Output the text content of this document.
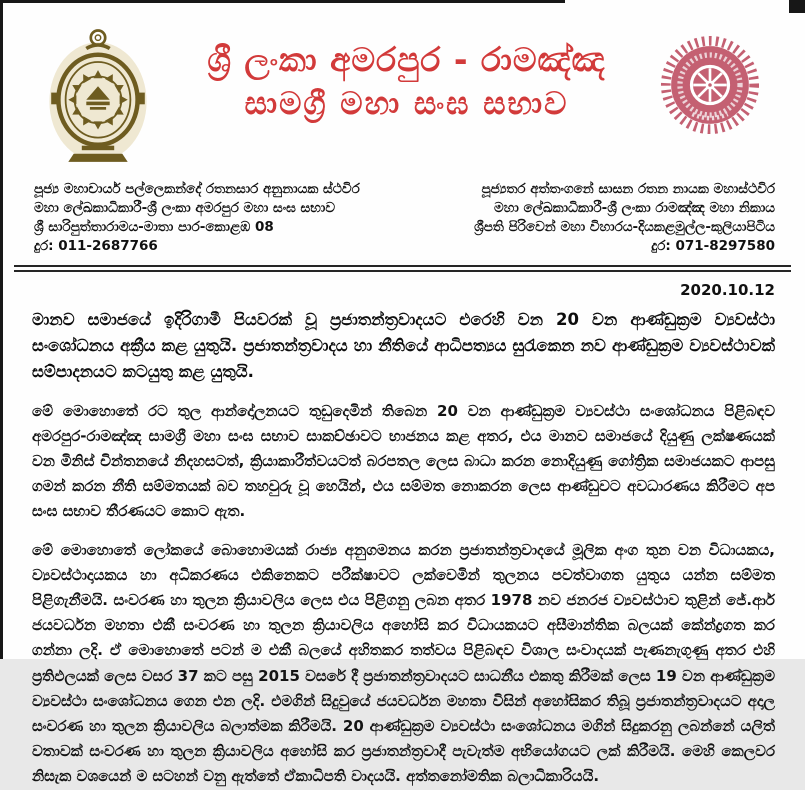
ශ්‍රී ලංකා අමරපුර - රාමඤ්ඤ
සාමග්‍රී මහා සංඝ සභාව
පූජ්‍ය මහාචාර්ය පල්ලෙකන්දේ රතනසාර අනුනායක ස්ථවිර
මහා ලේඛකාධිකාරී-ශ්‍රී ලංකා අමරපුර මහා සංඝ සභාව
ශ්‍රී සාරිපුත්තාරාමය-මාතා පාර-කොළඹ 08
දුර: 011-2687766
පූජ්‍යතර අත්තංගනේ සාසන රතන නායක මහාස්ථවිර
මහා ලේඛකාධිකාරී-ශ්‍රී ලංකා රාමඤ්ඤ මහා නිකාය
ශ්‍රීපති පිරිවෙන් මහා විහාරය-දියකළමුල්ල-කුලියාපිටිය
දුර: 071-8297580
2020.10.12
මානව සමාජයේ ඉදිරිගාමී පියවරක් වූ ප්‍රජාතන්ත්‍රවාදයට එරෙහි වන 20 වන ආණ්ඩුක්‍රම ව්‍යවස්ථා සංශෝධනය අක්‍රීය කළ යුතුයි. ප්‍රජාතන්ත්‍රවාදය හා නීතියේ ආධිපත්‍යය සුරැකෙන නව ආණ්ඩුක්‍රම ව්‍යවස්ථාවක් සම්පාදනයට කටයුතු කළ යුතුයි.
මේ මොහොතේ රට තුල ආන්දෝලනයට තුඩුදෙමින් තිබෙන 20 වන ආණ්ඩුක්‍රම ව්‍යවස්ථා සංශෝධනය පිළිබඳව අමරපුර-රාමඤ්ඤ සාමග්‍රී මහා සංඝ සභාව සාකච්ඡාවට භාජනය කළ අතර, එය මානව සමාජයේ දියුණු ලක්ෂණයක් වන මිනිස් චින්තනයේ නිදහසටත්, ක්‍රියාකාරීත්වයටත් බරපතල ලෙස බාධා කරන නොදියුණු ගෝත්‍රික සමාජයකට ආපසු ගමන් කරන නීති සම්මතයක් බව තහවුරු වූ හෙයින්, එය සම්මත නොකරන ලෙස ආණ්ඩුවට අවධාරණය කිරීමට අප සංඝ සභාව තීරණයට කොට ඇත.
මේ මොහොතේ ලෝකයේ බොහොමයක් රාජ්‍ය අනුගමනය කරන ප්‍රජාතන්ත්‍රවාදයේ මූලික අංග තුන වන විධායකය, ව්‍යවස්ථාදායකය හා අධිකරණය එකිනෙකට පරීක්ෂාවට ලක්වෙමින් තුලනය පවත්වාගත යුතුය යන්න සම්මත පිළිගැනීමයි. සංවරණ හා තුලන ක්‍රියාවලිය ලෙස එය පිළිගනු ලබන අතර 1978 නව ජනරජ ව්‍යවස්ථාව තුළින් ජේ.ආර් ජයවර්ධන මහතා එකී සංවරණ හා තුලන ක්‍රියාවලිය අහෝසි කර විධායකයට අසීමාන්තික බලයක් කේන්ද්‍රගත කර ගන්නා ලදි. ඒ මොහොතේ පටන් ම එකී බලයේ අහිතකර තත්වය පිළිබඳව විශාල සංවාදයක් පැණනැගුණු අතර එහි ප්‍රතිඵලයක් ලෙස වසර 37 කට පසු 2015 වසරේ දී ප්‍රජාතන්ත්‍රවාදයට සාධනීය එකතු කිරීමක් ලෙස 19 වන ආණ්ඩුක්‍රම ව්‍යවස්ථා සංශෝධනය ගෙන එන ලදි. එමගින් සිදුවුයේ ජයවර්ධන මහතා විසින් අහෝසිකර තිබූ ප්‍රජාතන්ත්‍රවාදයට අදාල සංවරණ හා තුලන ක්‍රියාවලිය බලාත්මක කිරීමයි. 20 ආණ්ඩුක්‍රම ව්‍යවස්ථා සංශෝධනය මගින් සිදුකරනු ලබන්නේ යලිත් වතාවක් සංවරණ හා තුලන ක්‍රියාවලිය අහෝසි කර ප්‍රජාතන්ත්‍රවාදී පැවැත්ම අභියෝගයට ලක් කිරීමයි. මෙහි කෙලවර නිසැක වශයෙන් ම සටහන් වනු ඇත්තේ ඒකාධිපති වාදයයි. අත්තනෝමතික බලාධිකාරියයි.
